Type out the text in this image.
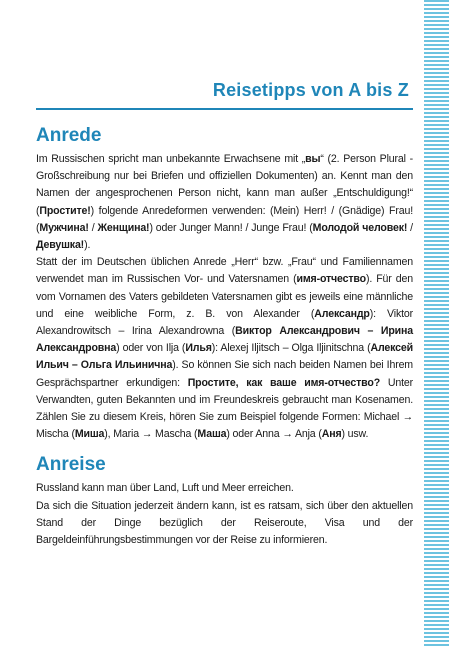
Reisetipps von A bis Z
Anrede

Im Russischen spricht man unbekannte Erwachsene mit „вы“ (2. Person Plural - Großschreibung nur bei Briefen und offiziellen Dokumenten) an. Kennt man den Namen der angesprochenen Person nicht, kann man außer „Entschuldigung!“ (Простите!) folgende Anredeformen verwenden: (Mein) Herr! / (Gnädige) Frau! (Мужчина! / Женщина!) oder Junger Mann! / Junge Frau! (Молодой человек! / Девушка!).

Statt der im Deutschen üblichen Anrede „Herr“ bzw. „Frau“ und Familiennamen verwendet man im Russischen Vor- und Vatersnamen (имя-отчество). Für den vom Vornamen des Vaters gebildeten Vatersnamen gibt es jeweils eine männliche und eine weibliche Form, z. B. von Alexander (Александр): Viktor Alexandrowitsch – Irina Alexandrowna (Виктор Александрович – Ирина Александровна) oder von Ilja (Илья): Alexej Iljitsch – Olga Iljinitschna (Алексей Ильич – Ольга Ильинична). So können Sie sich nach beiden Namen bei Ihrem Gesprächspartner erkundigen: Простите, как ваше имя-отчество? Unter Verwandten, guten Bekannten und im Freundeskreis gebraucht man Kosenamen. Zählen Sie zu diesem Kreis, hören Sie zum Beispiel folgende Formen: Michael → Mischa (Миша), Maria → Mascha (Маша) oder Anna → Anja (Аня) usw.

Anreise

Russland kann man über Land, Luft und Meer erreichen.

Da sich die Situation jederzeit ändern kann, ist es ratsam, sich über den aktuellen Stand der Dinge bezüglich der Reiseroute, Visa und der Bargeldeinführungsbestimmungen vor der Reise zu informieren.
